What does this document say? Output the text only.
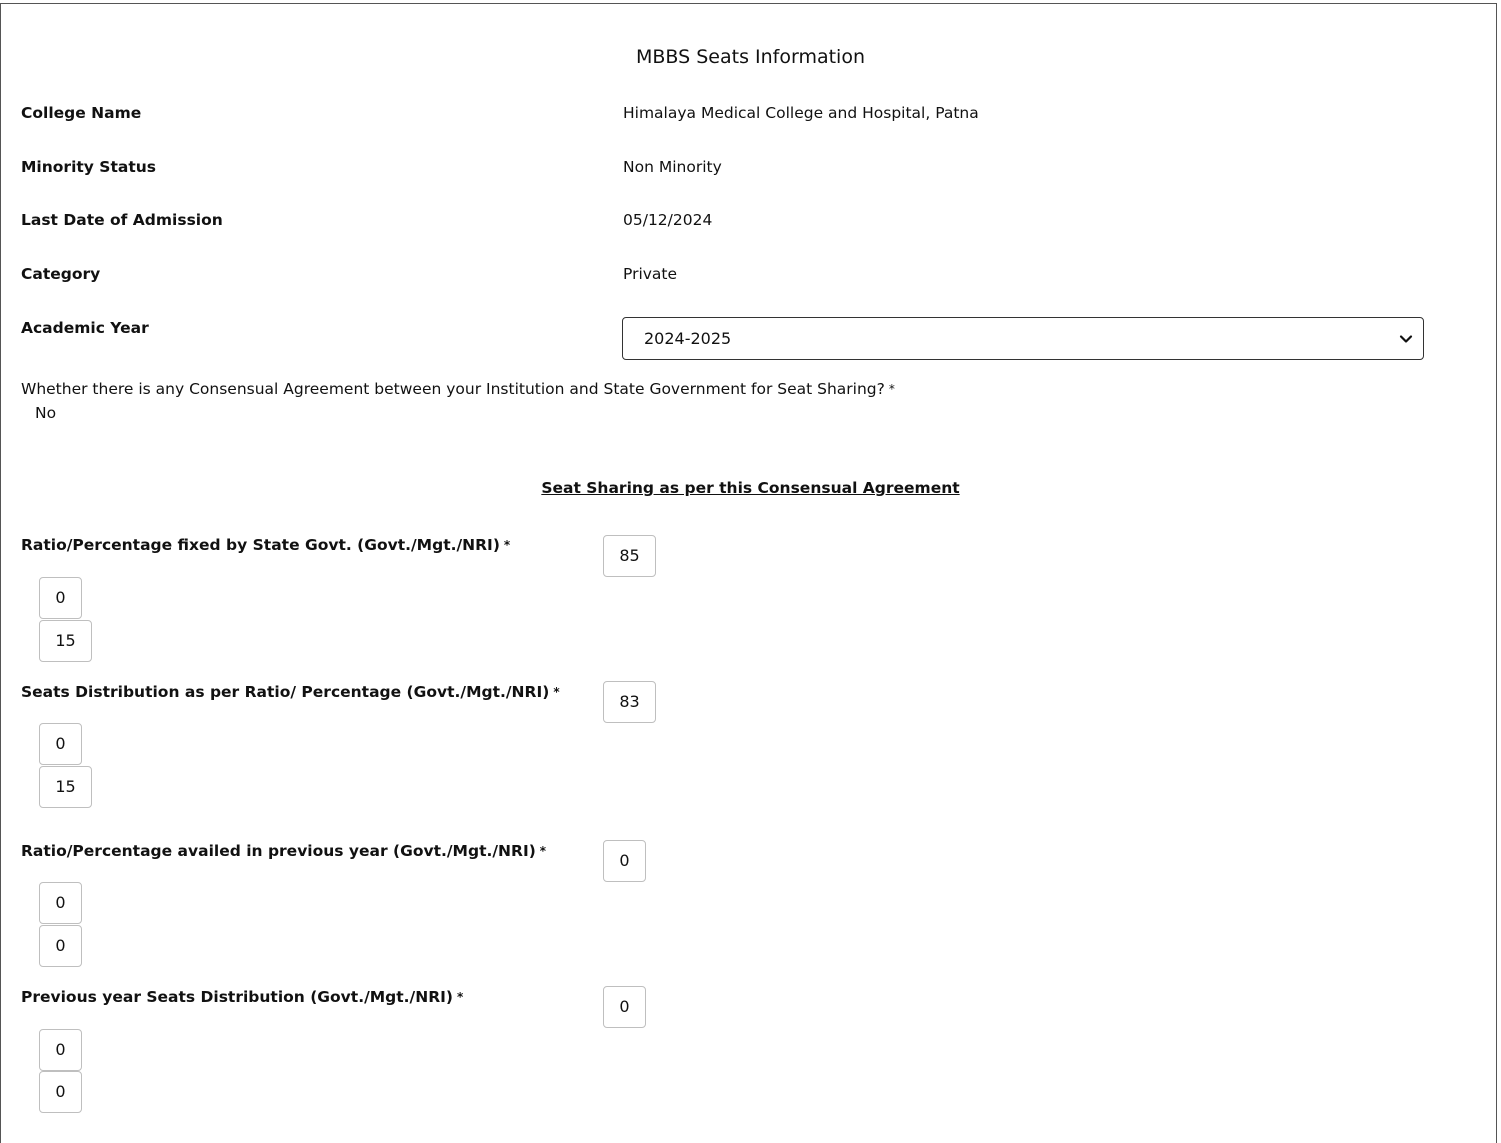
MBBS Seats Information
College Name	Himalaya Medical College and Hospital, Patna
Minority Status	Non Minority
Last Date of Admission	05/12/2024
Category	Private
Academic Year
2024-2025
Whether there is any Consensual Agreement between your Institution and State Government for Seat Sharing? *
No
Seat Sharing as per this Consensual Agreement
Ratio/Percentage fixed by State Govt. (Govt./Mgt./NRI) *
85
0
15
Seats Distribution as per Ratio/ Percentage (Govt./Mgt./NRI) *	83
0
15
Ratio/Percentage availed in previous year (Govt./Mgt./NRI) *	0
0
0
Previous year Seats Distribution (Govt./Mgt./NRI) *	0
0
0
